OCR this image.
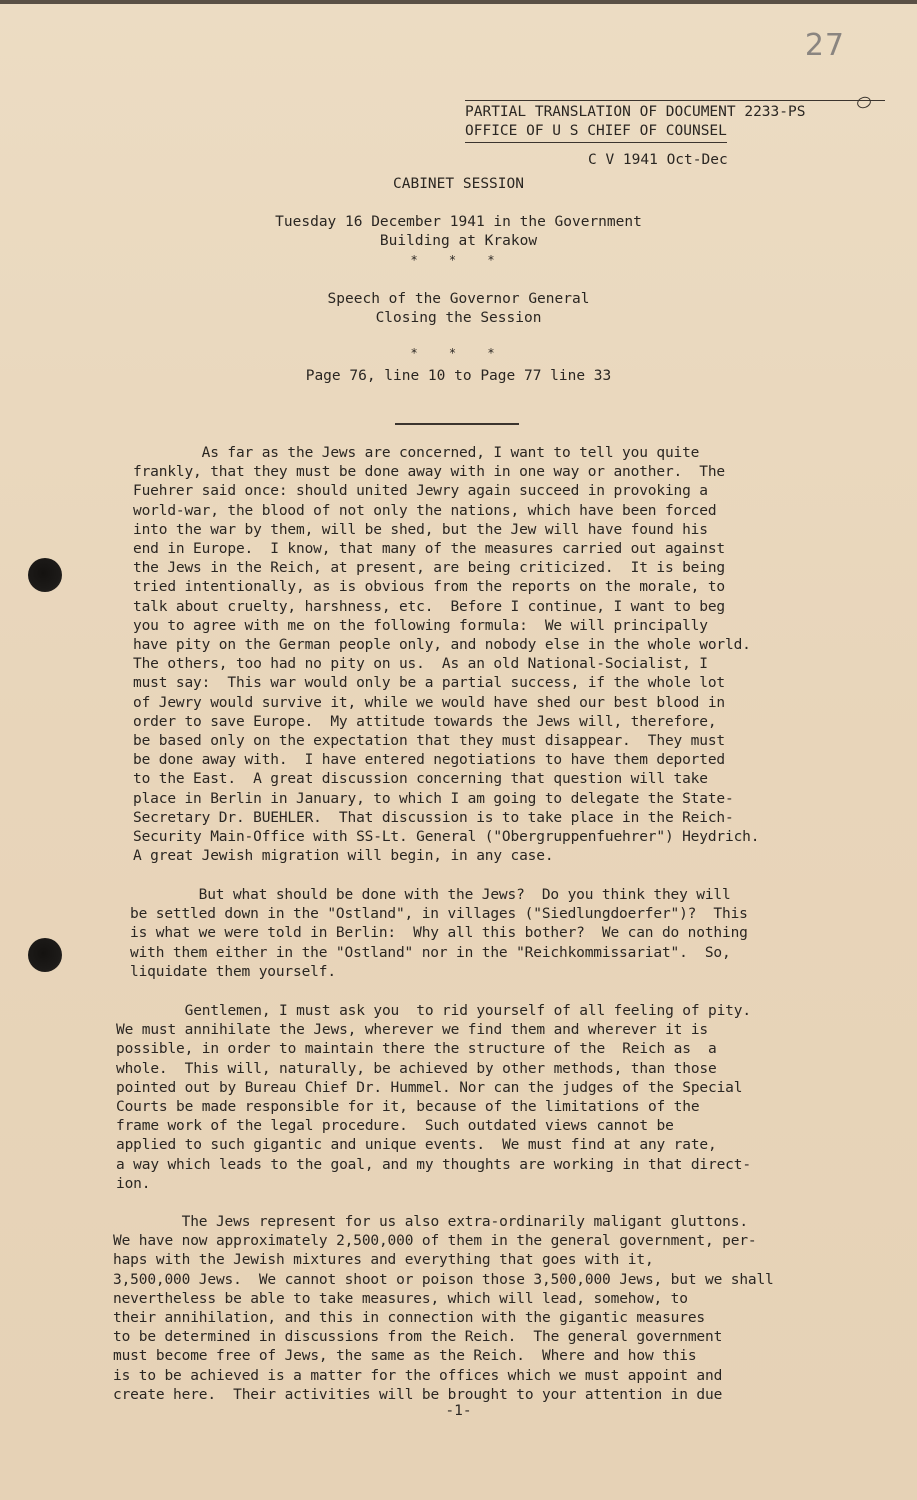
27
PARTIAL TRANSLATION OF DOCUMENT 2233-PS
OFFICE OF U S CHIEF OF COUNSEL
C V 1941 Oct-Dec
CABINET SESSION
Tuesday 16 December 1941 in the Government
Building at Krakow
* * *
Speech of the Governor General
Closing the Session
* * *
Page 76, line 10 to Page 77 line 33
As far as the Jews are concerned, I want to tell you quite
frankly, that they must be done away with in one way or another.  The
Fuehrer said once: should united Jewry again succeed in provoking a
world-war, the blood of not only the nations, which have been forced
into the war by them, will be shed, but the Jew will have found his
end in Europe.  I know, that many of the measures carried out against
the Jews in the Reich, at present, are being criticized.  It is being
tried intentionally, as is obvious from the reports on the morale, to
talk about cruelty, harshness, etc.  Before I continue, I want to beg
you to agree with me on the following formula:  We will principally
have pity on the German people only, and nobody else in the whole world.
The others, too had no pity on us.  As an old National-Socialist, I
must say:  This war would only be a partial success, if the whole lot
of Jewry would survive it, while we would have shed our best blood in
order to save Europe.  My attitude towards the Jews will, therefore,
be based only on the expectation that they must disappear.  They must
be done away with.  I have entered negotiations to have them deported
to the East.  A great discussion concerning that question will take
place in Berlin in January, to which I am going to delegate the State-
Secretary Dr. BUEHLER.  That discussion is to take place in the Reich-
Security Main-Office with SS-Lt. General ("Obergruppenfuehrer") Heydrich.
A great Jewish migration will begin, in any case.
But what should be done with the Jews?  Do you think they will
be settled down in the "Ostland", in villages ("Siedlungdoerfer")?  This
is what we were told in Berlin:  Why all this bother?  We can do nothing
with them either in the "Ostland" nor in the "Reichkommissariat".  So,
liquidate them yourself.
Gentlemen, I must ask you  to rid yourself of all feeling of pity.
We must annihilate the Jews, wherever we find them and wherever it is
possible, in order to maintain there the structure of the  Reich as  a
whole.  This will, naturally, be achieved by other methods, than those
pointed out by Bureau Chief Dr. Hummel. Nor can the judges of the Special
Courts be made responsible for it, because of the limitations of the
frame work of the legal procedure.  Such outdated views cannot be
applied to such gigantic and unique events.  We must find at any rate,
a way which leads to the goal, and my thoughts are working in that direct-
ion.
The Jews represent for us also extra-ordinarily maligant gluttons.
We have now approximately 2,500,000 of them in the general government, per-
haps with the Jewish mixtures and everything that goes with it,
3,500,000 Jews.  We cannot shoot or poison those 3,500,000 Jews, but we shall
nevertheless be able to take measures, which will lead, somehow, to
their annihilation, and this in connection with the gigantic measures
to be determined in discussions from the Reich.  The general government
must become free of Jews, the same as the Reich.  Where and how this
is to be achieved is a matter for the offices which we must appoint and
create here.  Their activities will be brought to your attention in due
-1-
